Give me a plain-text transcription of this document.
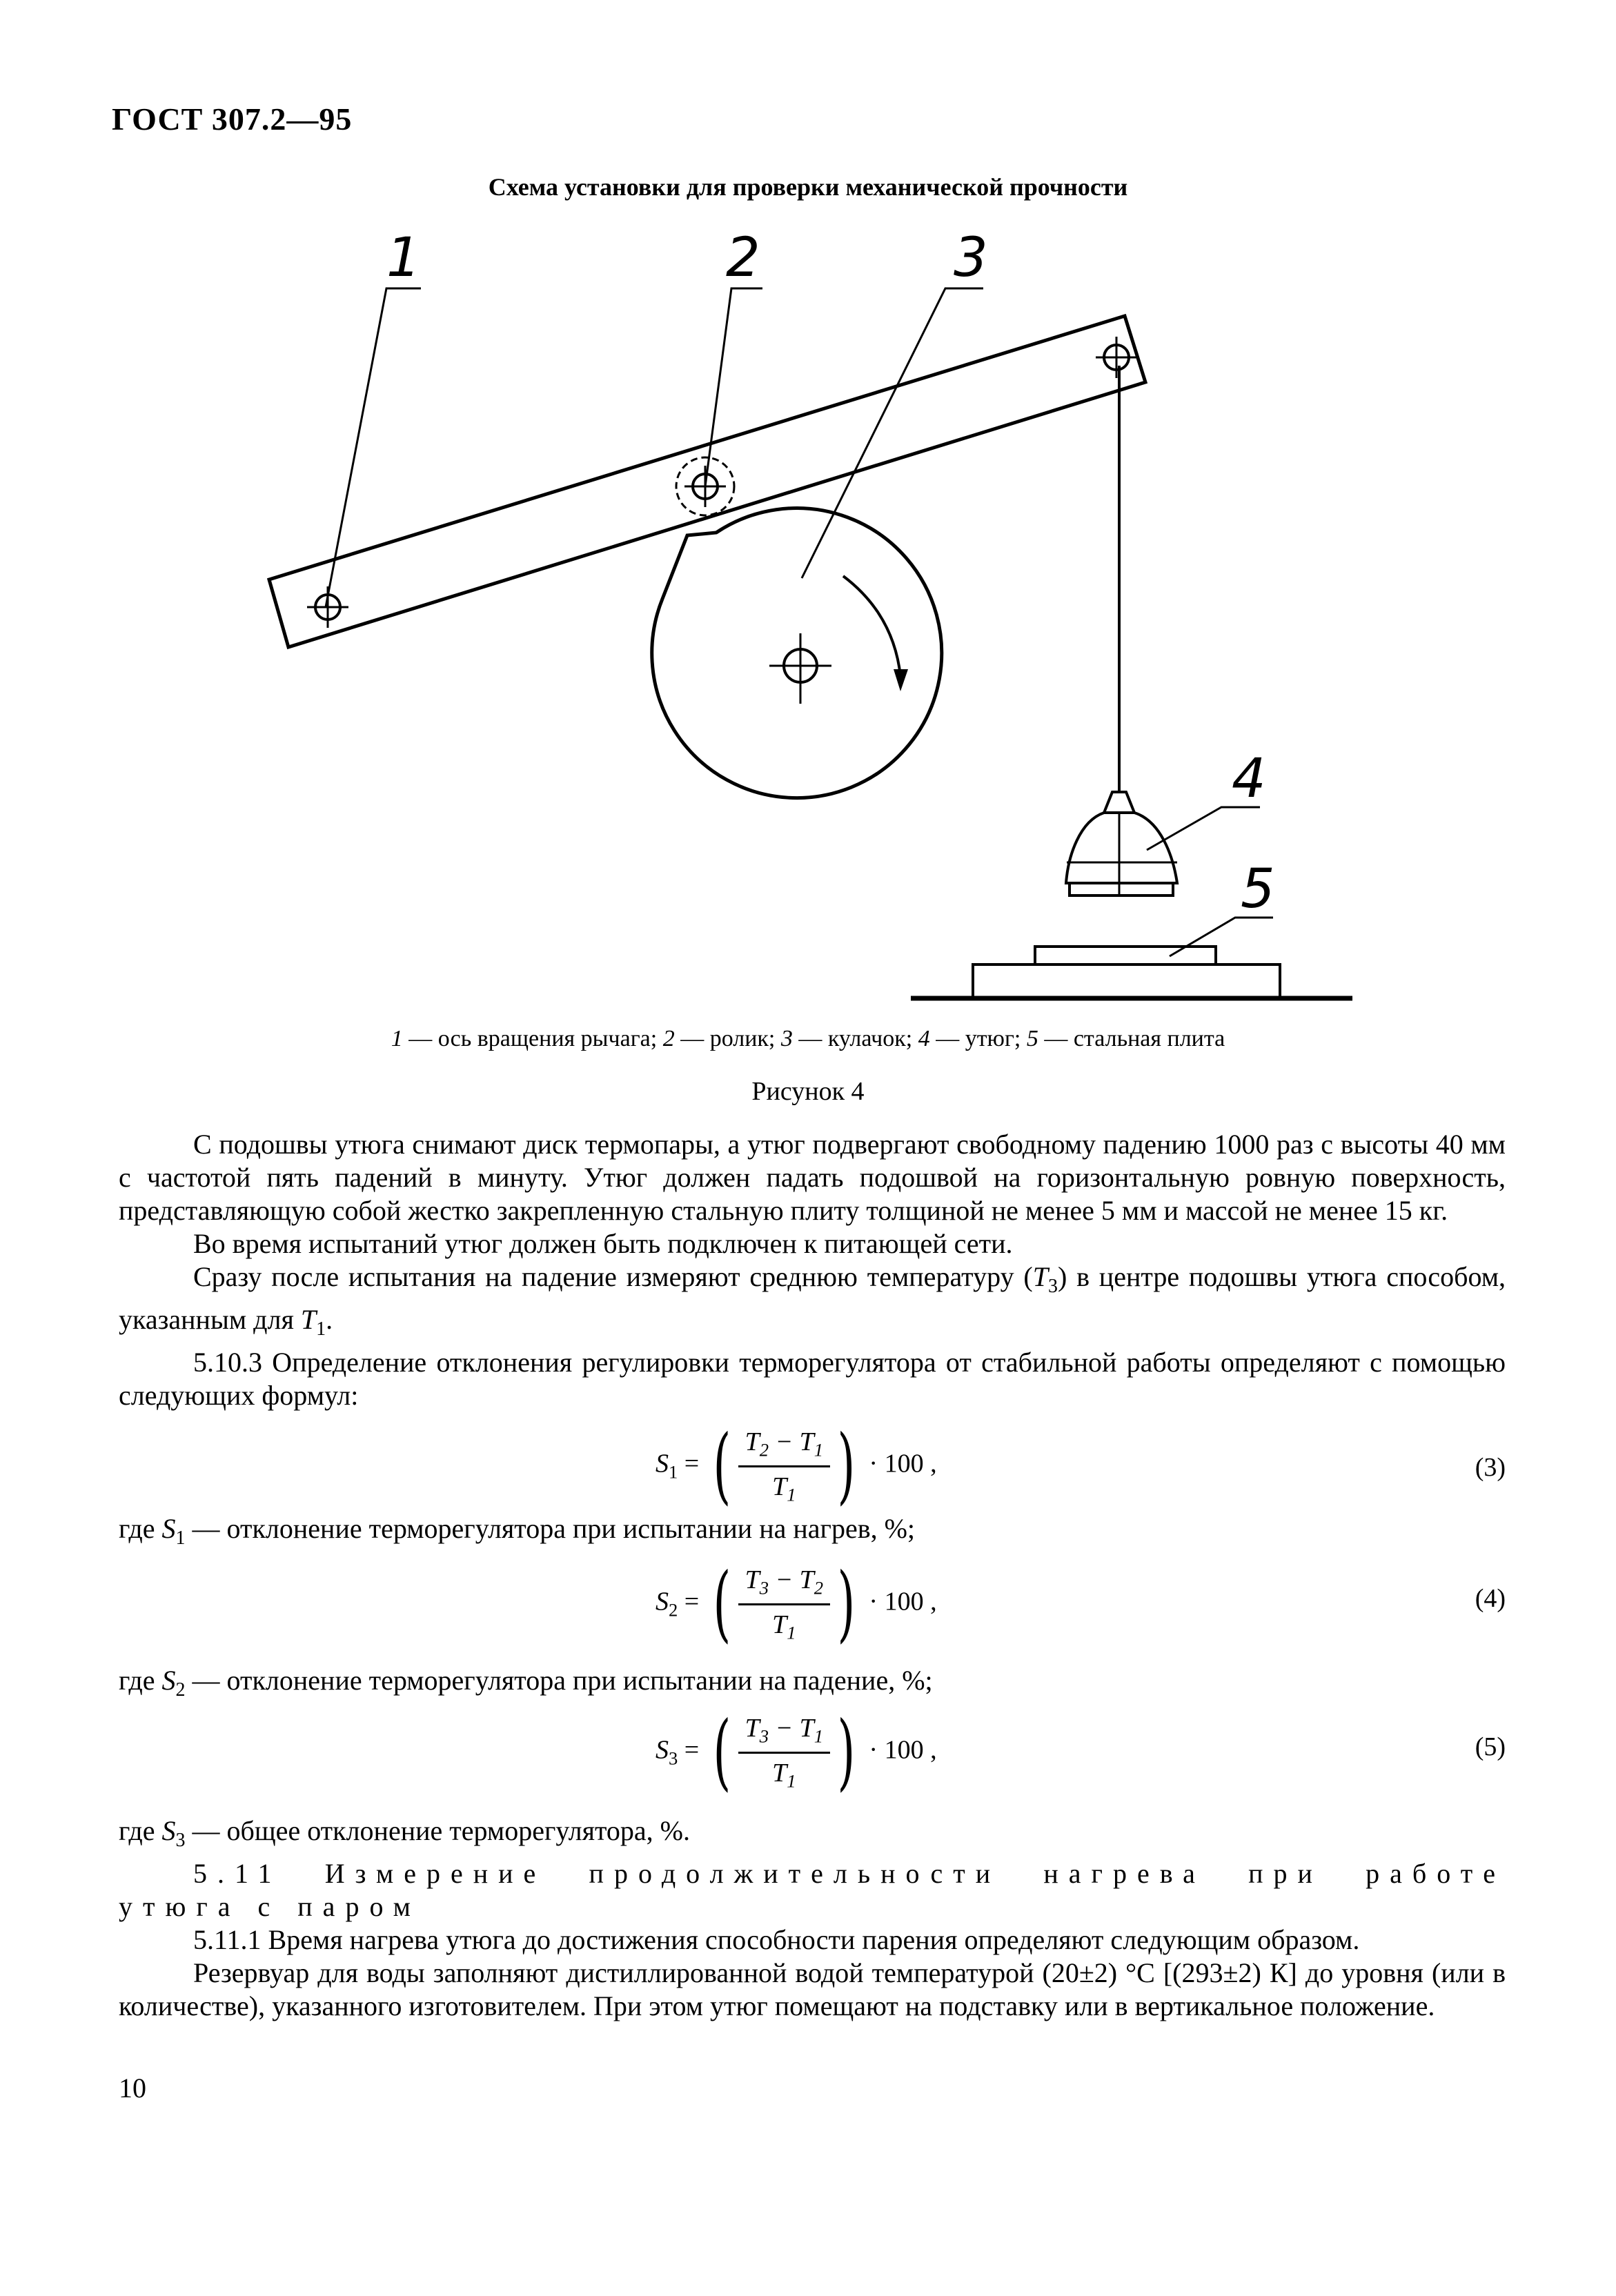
ГОСТ 307.2—95
Схема установки для проверки механической прочности
1	2	3
4
5
1 — ось вращения рычага; 2 — ролик; 3 — кулачок; 4 — утюг; 5 — стальная плита
Рисунок 4

С подошвы утюга снимают диск термопары, а утюг подвергают свободному падению 1000 раз с высоты 40 мм с частотой пять падений в минуту. Утюг должен падать подошвой на горизонтальную ровную поверхность, представляющую собой жестко закрепленную стальную плиту толщиной не менее 5 мм и массой не менее 15 кг.

Во время испытаний утюг должен быть подключен к питающей сети.

Сразу после испытания на падение измеряют среднюю температуру $(T_3)$ в центре подошвы утюга способом, указанным для $T_1$.

5.10.3 Определение отклонения регулировки терморегулятора от стабильной работы определяют с помощью следующих формул:

$S_1$ = ( $\frac{T_2 - T_1}{T_1}$ ) · 100 ,	(3)

где $S_1$ — отклонение терморегулятора при испытании на нагрев, %;

$S_2$ = ( $\frac{T_3 - T_2}{T_1}$ ) · 100 ,	(4)

где $S_2$ — отклонение терморегулятора при испытании на падение, %;

$S_3$ = ( $\frac{T_3 - T_1}{T_1}$ ) · 100 ,	(5)

где $S_3$ — общее отклонение терморегулятора, %.

5.11 Измерение продолжительности нагрева при работе утюга с паром

5.11.1 Время нагрева утюга до достижения способности парения определяют следующим образом.

Резервуар для воды заполняют дистиллированной водой температурой (20±2) °С [(293±2) К] до уровня (или в количестве), указанного изготовителем. При этом утюг помещают на подставку или в вертикальное положение.

10
